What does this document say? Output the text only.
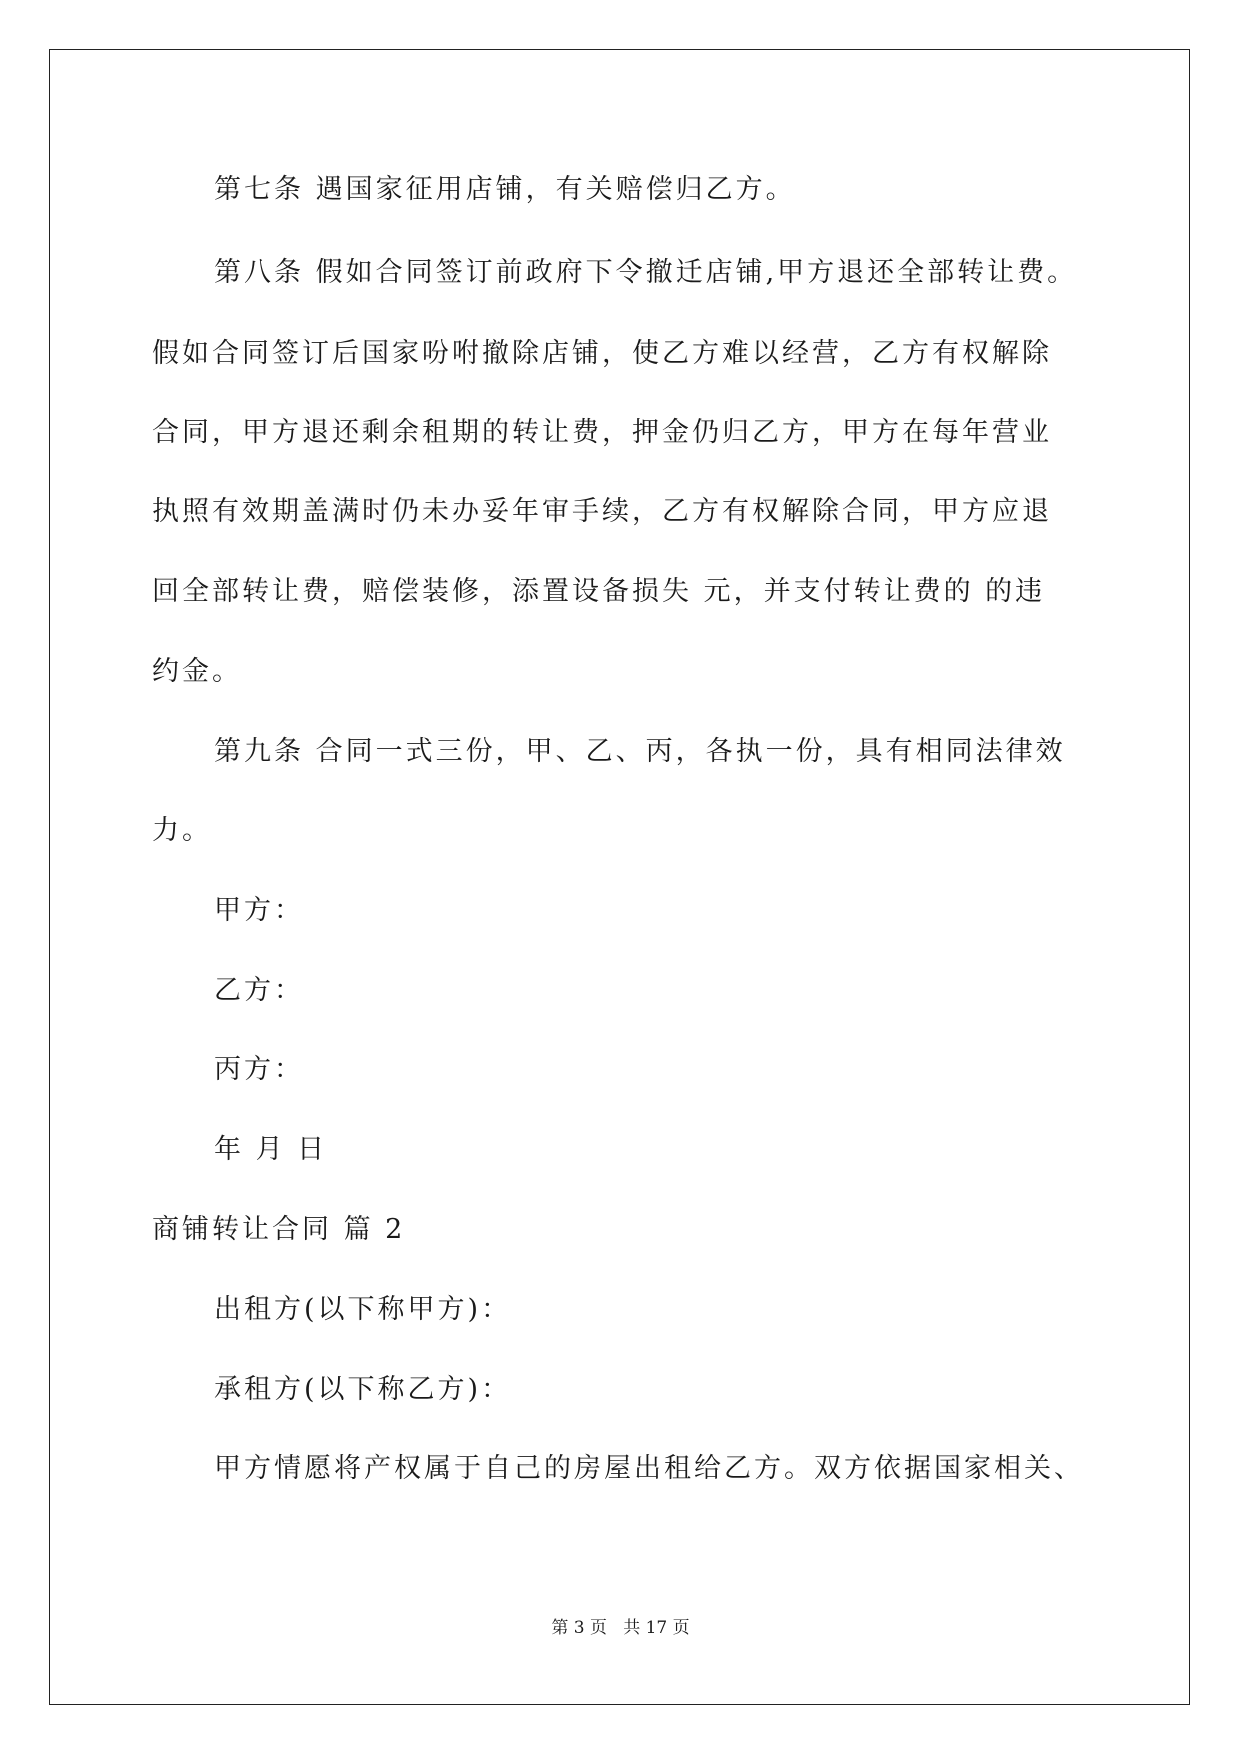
第七条 遇国家征用店铺，有关赔偿归乙方。
第八条 假如合同签订前政府下令撤迁店铺,甲方退还全部转让费。
假如合同签订后国家吩咐撤除店铺，使乙方难以经营，乙方有权解除
合同，甲方退还剩余租期的转让费，押金仍归乙方，甲方在每年营业
执照有效期盖满时仍未办妥年审手续，乙方有权解除合同，甲方应退
回全部转让费，赔偿装修，添置设备损失 元，并支付转让费的 的违
约金。
第九条 合同一式三份，甲、乙、丙，各执一份，具有相同法律效
力。
甲方：
乙方：
丙方：
年 月 日
商铺转让合同 篇 2
出租方(以下称甲方)：
承租方(以下称乙方)：
甲方情愿将产权属于自己的房屋出租给乙方。双方依据国家相关、
第 3 页   共 17 页
